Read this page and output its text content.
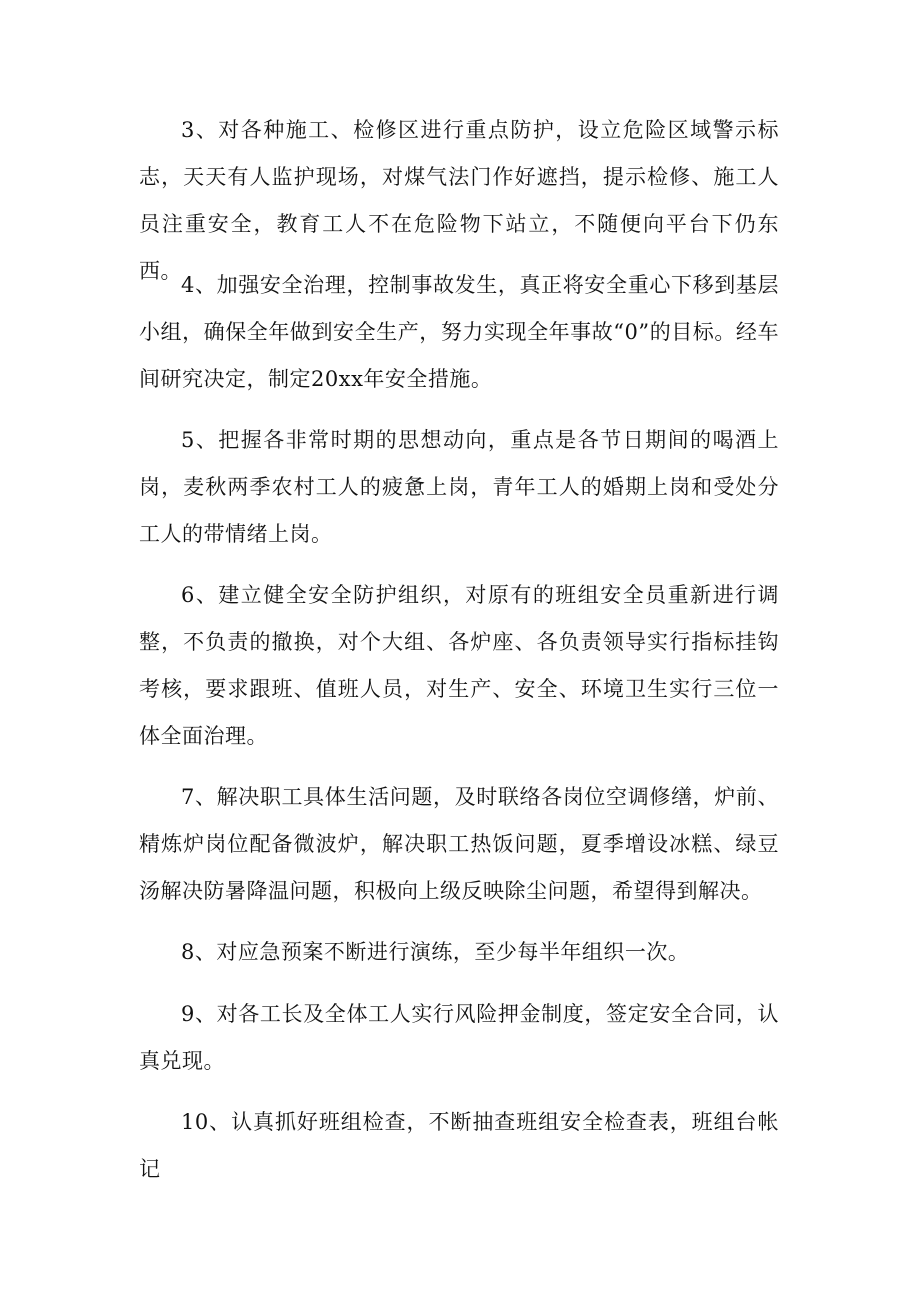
3、对各种施工、检修区进行重点防护，设立危险区域警示标志，天天有人监护现场，对煤气法门作好遮挡，提示检修、施工人员注重安全，教育工人不在危险物下站立，不随便向平台下仍东西。

4、加强安全治理，控制事故发生，真正将安全重心下移到基层小组，确保全年做到安全生产，努力实现全年事故“0”的目标。经车间研究决定，制定20xx年安全措施。

5、把握各非常时期的思想动向，重点是各节日期间的喝酒上岗，麦秋两季农村工人的疲惫上岗，青年工人的婚期上岗和受处分工人的带情绪上岗。

6、建立健全安全防护组织，对原有的班组安全员重新进行调整，不负责的撤换，对个大组、各炉座、各负责领导实行指标挂钩考核，要求跟班、值班人员，对生产、安全、环境卫生实行三位一体全面治理。

7、解决职工具体生活问题，及时联络各岗位空调修缮，炉前、精炼炉岗位配备微波炉，解决职工热饭问题，夏季增设冰糕、绿豆汤解决防暑降温问题，积极向上级反映除尘问题，希望得到解决。

8、对应急预案不断进行演练，至少每半年组织一次。

9、对各工长及全体工人实行风险押金制度，签定安全合同，认真兑现。

10、认真抓好班组检查，不断抽查班组安全检查表，班组台帐记
